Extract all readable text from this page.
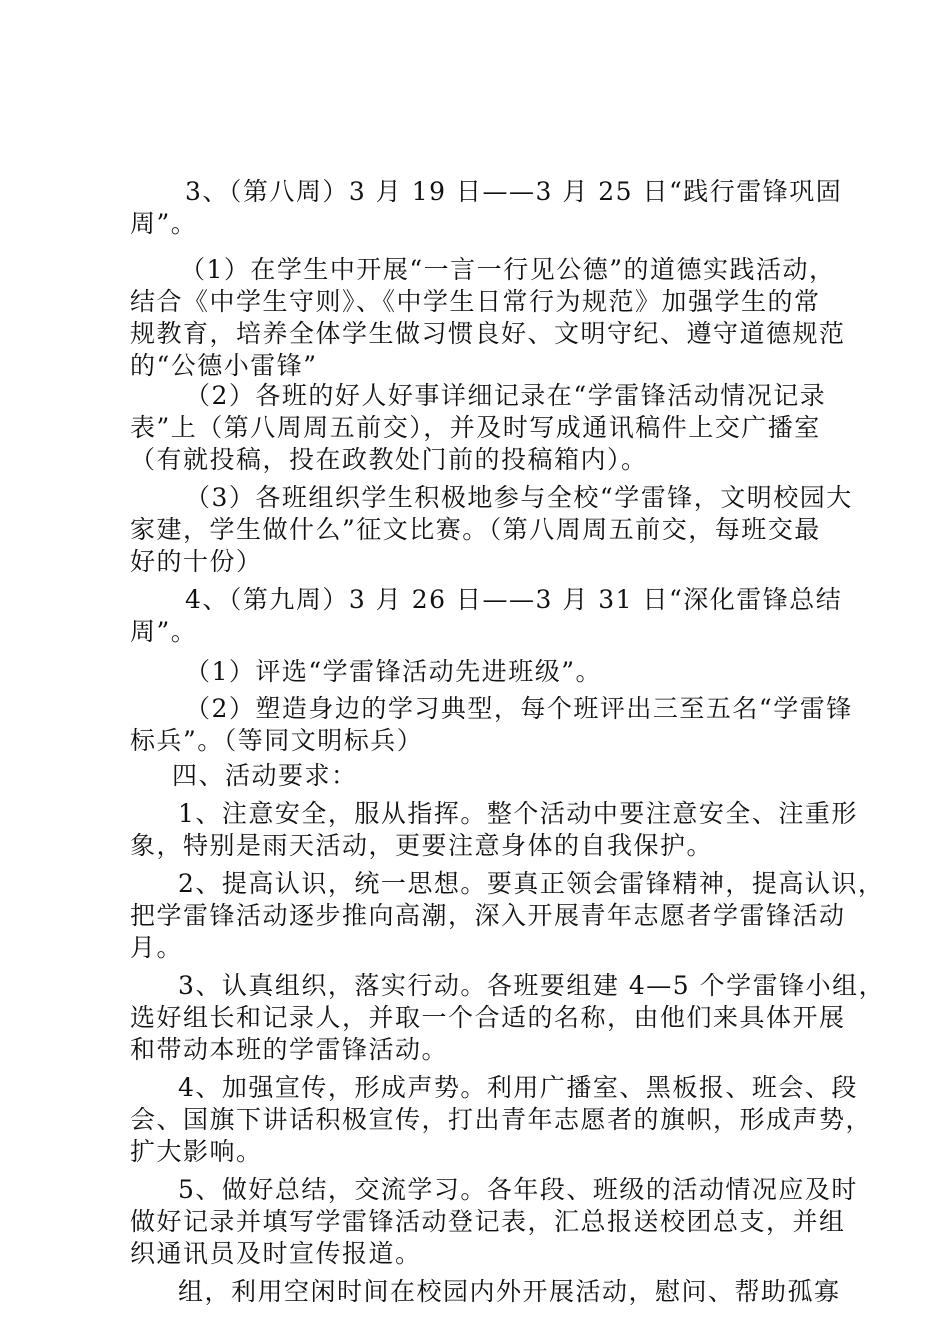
3、（第八周）3 月 19 日——3 月 25 日“践行雷锋巩固
周”。
（1）在学生中开展“一言一行见公德”的道德实践活动，
结合《中学生守则》、《中学生日常行为规范》加强学生的常
规教育，培养全体学生做习惯良好、文明守纪、遵守道德规范
的“公德小雷锋”
（2）各班的好人好事详细记录在“学雷锋活动情况记录
表”上（第八周周五前交），并及时写成通讯稿件上交广播室
（有就投稿，投在政教处门前的投稿箱内）。
（3）各班组织学生积极地参与全校“学雷锋，文明校园大
家建，学生做什么”征文比赛。（第八周周五前交，每班交最
好的十份）
4、（第九周）3 月 26 日——3 月 31 日“深化雷锋总结
周”。
（1）评选“学雷锋活动先进班级”。
（2）塑造身边的学习典型，每个班评出三至五名“学雷锋
标兵”。（等同文明标兵）
四、活动要求：
1、注意安全，服从指挥。整个活动中要注意安全、注重形
象，特别是雨天活动，更要注意身体的自我保护。
2、提高认识，统一思想。要真正领会雷锋精神，提高认识，
把学雷锋活动逐步推向高潮，深入开展青年志愿者学雷锋活动
月。
3、认真组织，落实行动。各班要组建 4—5 个学雷锋小组，
选好组长和记录人，并取一个合适的名称，由他们来具体开展
和带动本班的学雷锋活动。
4、加强宣传，形成声势。利用广播室、黑板报、班会、段
会、国旗下讲话积极宣传，打出青年志愿者的旗帜，形成声势，
扩大影响。
5、做好总结，交流学习。各年段、班级的活动情况应及时
做好记录并填写学雷锋活动登记表，汇总报送校团总支，并组
织通讯员及时宣传报道。
组，利用空闲时间在校园内外开展活动，慰问、帮助孤寡
